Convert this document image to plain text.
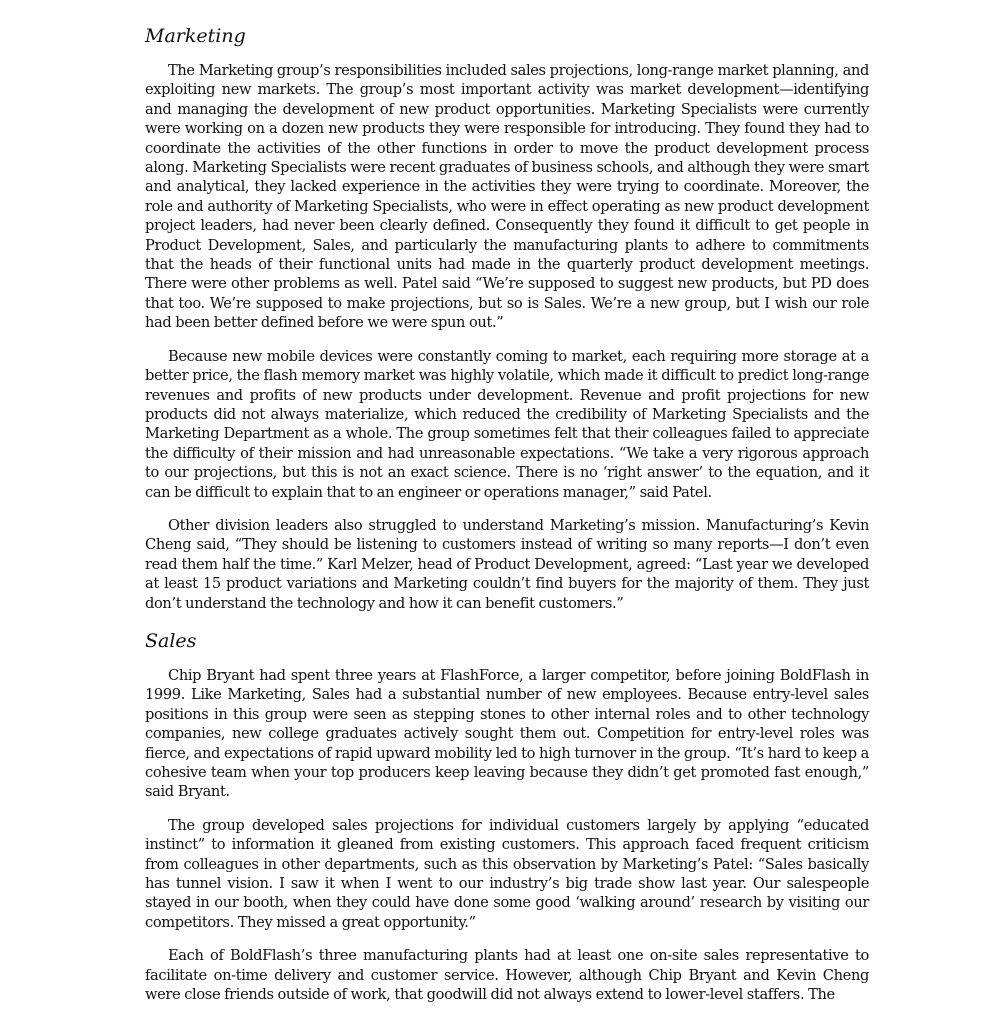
Marketing

The Marketing group’s responsibilities included sales projections, long-range market planning, and exploiting new markets. The group’s most important activity was market development—identifying and managing the development of new product opportunities. Marketing Specialists were currently were working on a dozen new products they were responsible for introducing. They found they had to coordinate the activities of the other functions in order to move the product development process along. Marketing Specialists were recent graduates of business schools, and although they were smart and analytical, they lacked experience in the activities they were trying to coordinate. Moreover, the role and authority of Marketing Specialists, who were in effect operating as new product development project leaders, had never been clearly defined. Consequently they found it difficult to get people in Product Development, Sales, and particularly the manufacturing plants to adhere to commitments that the heads of their functional units had made in the quarterly product development meetings. There were other problems as well. Patel said “We’re supposed to suggest new products, but PD does that too. We’re supposed to make projections, but so is Sales. We’re a new group, but I wish our role had been better defined before we were spun out.”

Because new mobile devices were constantly coming to market, each requiring more storage at a better price, the flash memory market was highly volatile, which made it difficult to predict long-range revenues and profits of new products under development. Revenue and profit projections for new products did not always materialize, which reduced the credibility of Marketing Specialists and the Marketing Department as a whole. The group sometimes felt that their colleagues failed to appreciate the difficulty of their mission and had unreasonable expectations. “We take a very rigorous approach to our projections, but this is not an exact science. There is no ‘right answer’ to the equation, and it can be difficult to explain that to an engineer or operations manager,” said Patel.

Other division leaders also struggled to understand Marketing’s mission. Manufacturing’s Kevin Cheng said, “They should be listening to customers instead of writing so many reports—I don’t even read them half the time.” Karl Melzer, head of Product Development, agreed: “Last year we developed at least 15 product variations and Marketing couldn’t find buyers for the majority of them. They just don’t understand the technology and how it can benefit customers.”

Sales

Chip Bryant had spent three years at FlashForce, a larger competitor, before joining BoldFlash in 1999. Like Marketing, Sales had a substantial number of new employees. Because entry-level sales positions in this group were seen as stepping stones to other internal roles and to other technology companies, new college graduates actively sought them out. Competition for entry-level roles was fierce, and expectations of rapid upward mobility led to high turnover in the group. “It’s hard to keep a cohesive team when your top producers keep leaving because they didn’t get promoted fast enough,” said Bryant.

The group developed sales projections for individual customers largely by applying “educated instinct” to information it gleaned from existing customers. This approach faced frequent criticism from colleagues in other departments, such as this observation by Marketing’s Patel: “Sales basically has tunnel vision. I saw it when I went to our industry’s big trade show last year. Our salespeople stayed in our booth, when they could have done some good ‘walking around’ research by visiting our competitors. They missed a great opportunity.”

Each of BoldFlash’s three manufacturing plants had at least one on-site sales representative to facilitate on-time delivery and customer service. However, although Chip Bryant and Kevin Cheng were close friends outside of work, that goodwill did not always extend to lower-level staffers. The
